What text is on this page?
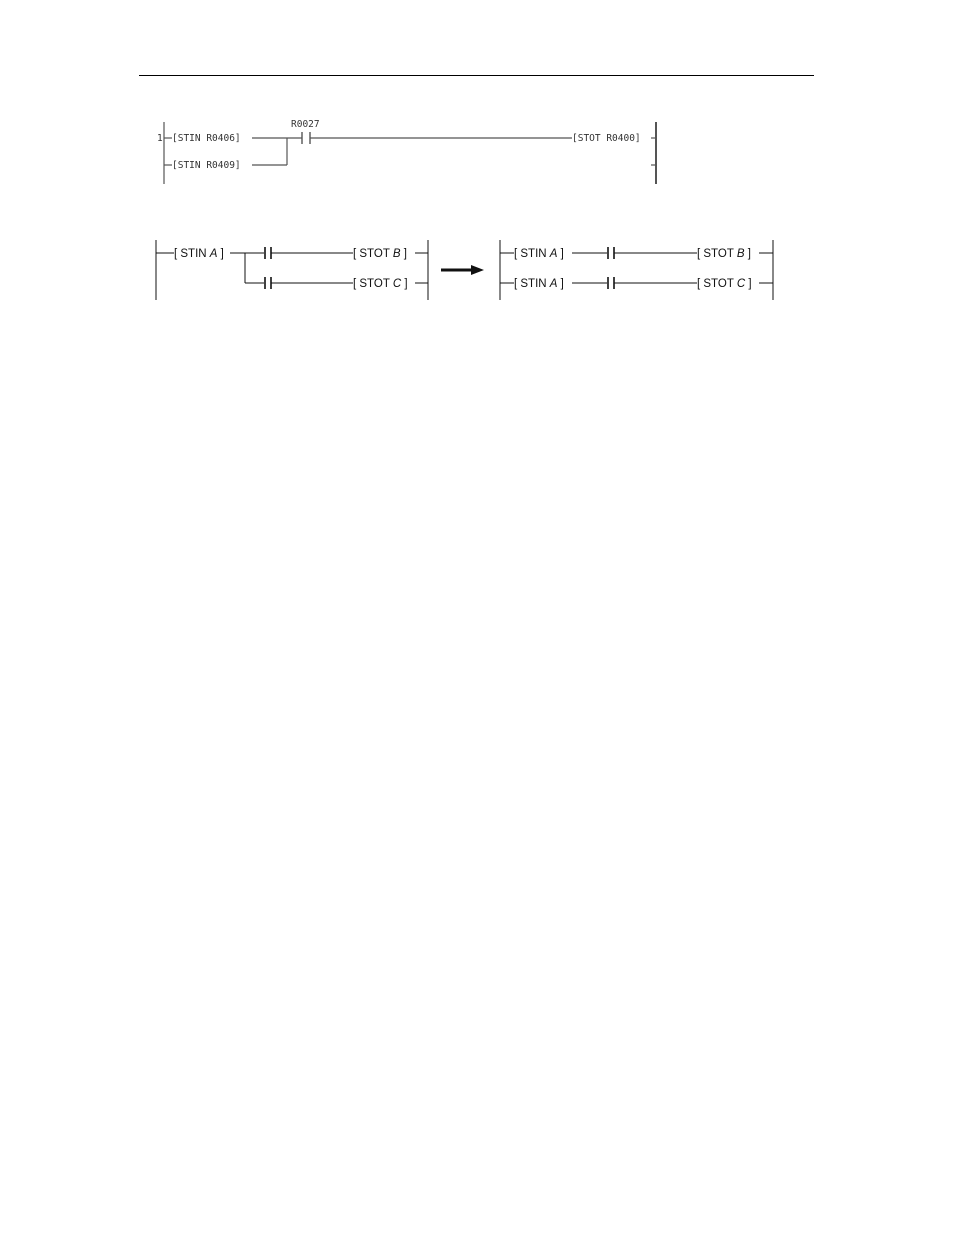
1 [STIN R0406]
[STIN R0409]
R0027
[STOT R0400]
[ STIN A ]	[ STOT B ]
[ STOT C ]
[ STIN A ]	[ STOT B ]
[ STIN A ]	[ STOT C ]
